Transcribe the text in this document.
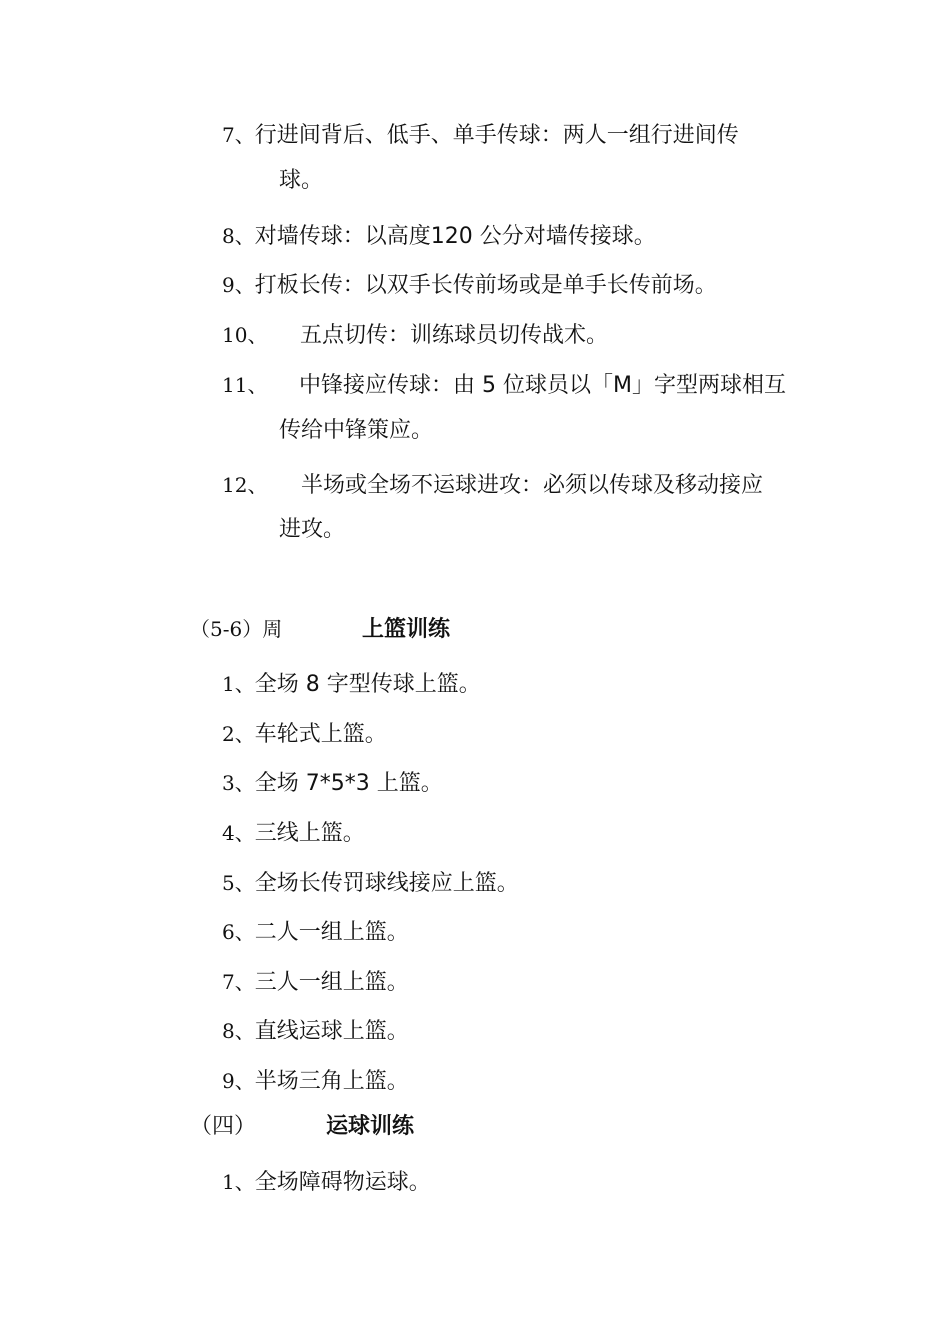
7、行进间背后、低手、单手传球：两人一组行进间传
球。
8、对墙传球：以高度120 公分对墙传接球。
9、打板长传：以双手长传前场或是单手长传前场。
10、 五点切传：训练球员切传战术。
11、 中锋接应传球：由 5 位球员以「M」字型两球相互
传给中锋策应。
12、 半场或全场不运球进攻：必须以传球及移动接应
进攻。
（5-6）周	上篮训练
1、全场 8 字型传球上篮。
2、车轮式上篮。
3、全场 7*5*3 上篮。
4、三线上篮。
5、全场长传罚球线接应上篮。
6、二人一组上篮。
7、三人一组上篮。
8、直线运球上篮。
9、半场三角上篮。
（四）	运球训练
1、全场障碍物运球。
